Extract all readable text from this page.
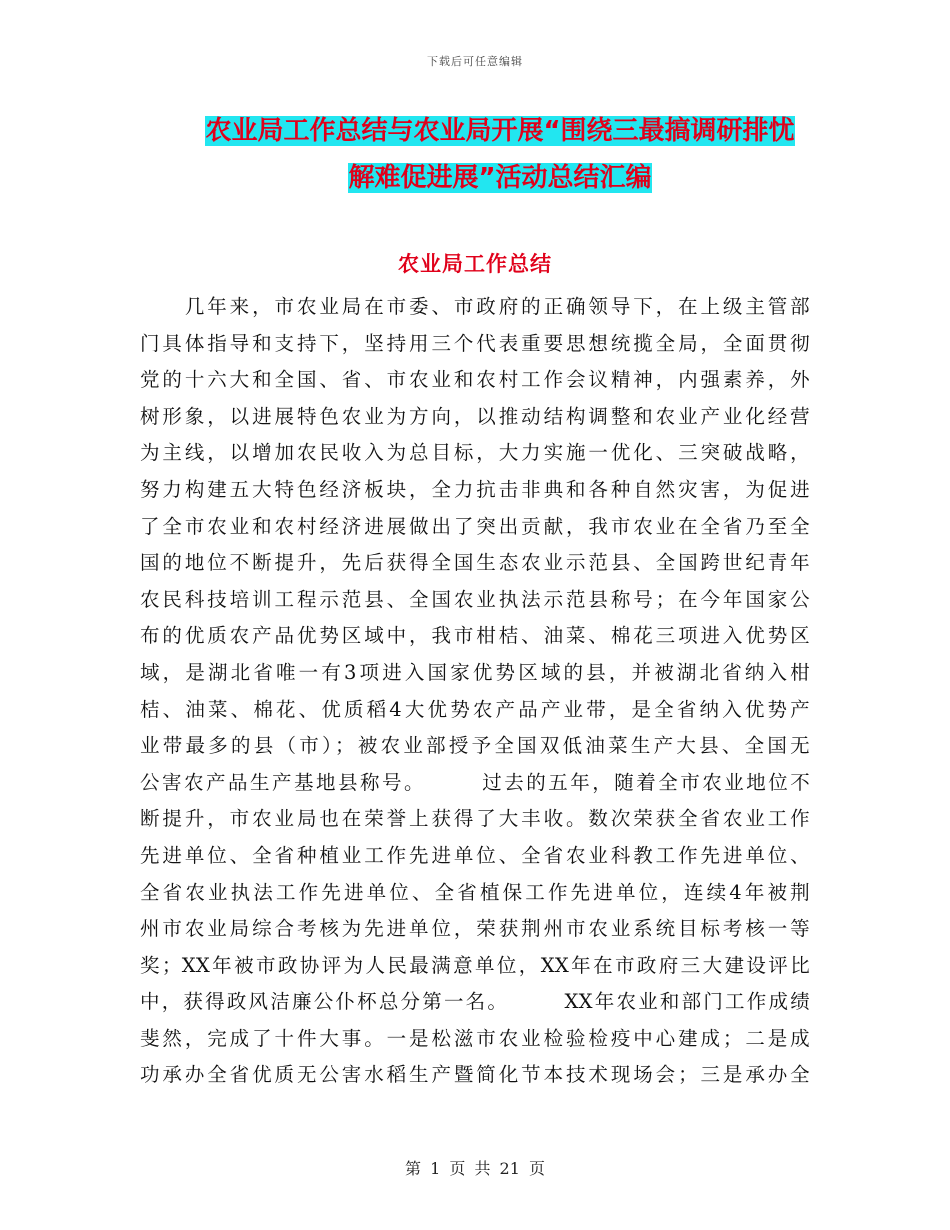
下载后可任意编辑
农业局工作总结与农业局开展“围绕三最搞调研排忧
解难促进展”活动总结汇编
农业局工作总结
　　几年来，市农业局在市委、市政府的正确领导下，在上级主管部
门具体指导和支持下，坚持用三个代表重要思想统揽全局，全面贯彻
党的十六大和全国、省、市农业和农村工作会议精神，内强素养，外
树形象，以进展特色农业为方向，以推动结构调整和农业产业化经营
为主线，以增加农民收入为总目标，大力实施一优化、三突破战略，
努力构建五大特色经济板块，全力抗击非典和各种自然灾害，为促进
了全市农业和农村经济进展做出了突出贡献，我市农业在全省乃至全
国的地位不断提升，先后获得全国生态农业示范县、全国跨世纪青年
农民科技培训工程示范县、全国农业执法示范县称号；在今年国家公
布的优质农产品优势区域中，我市柑桔、油菜、棉花三项进入优势区
域，是湖北省唯一有3项进入国家优势区域的县，并被湖北省纳入柑
桔、油菜、棉花、优质稻4大优势农产品产业带，是全省纳入优势产
业带最多的县（市）；被农业部授予全国双低油菜生产大县、全国无
公害农产品生产基地县称号。　　　过去的五年，随着全市农业地位不
断提升，市农业局也在荣誉上获得了大丰收。数次荣获全省农业工作
先进单位、全省种植业工作先进单位、全省农业科教工作先进单位、
全省农业执法工作先进单位、全省植保工作先进单位，连续4年被荆
州市农业局综合考核为先进单位，荣获荆州市农业系统目标考核一等
奖；XX年被市政协评为人民最满意单位，XX年在市政府三大建设评比
中，获得政风洁廉公仆杯总分第一名。　　　XX年农业和部门工作成绩
斐然，完成了十件大事。一是松滋市农业检验检疫中心建成；二是成
功承办全省优质无公害水稻生产暨简化节本技术现场会；三是承办全
第 1 页 共 21 页
